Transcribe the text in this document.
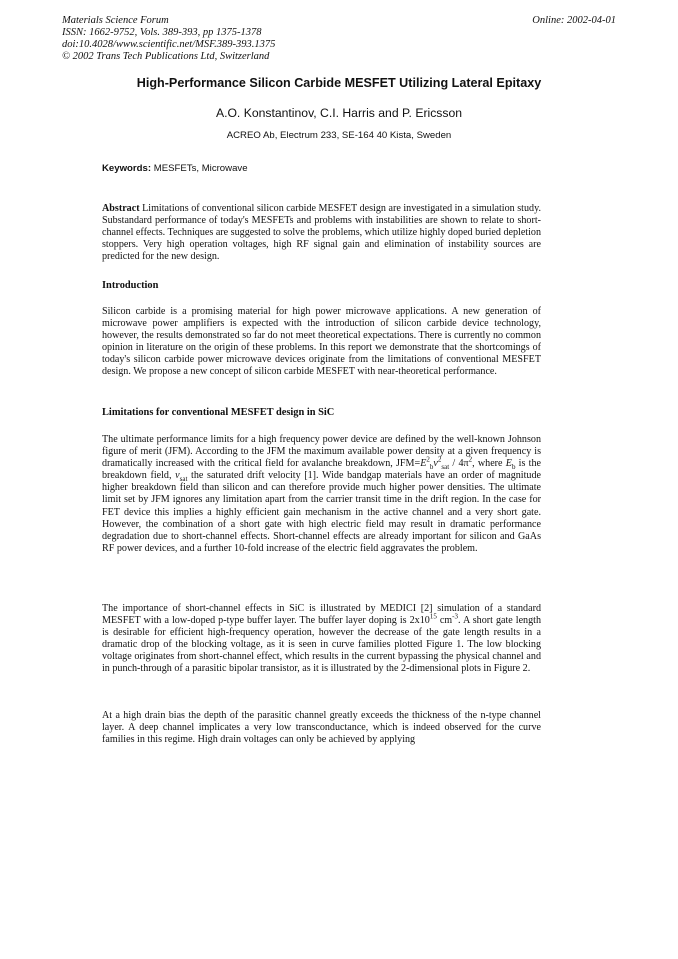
Materials Science Forum
ISSN: 1662-9752, Vols. 389-393, pp 1375-1378
doi:10.4028/www.scientific.net/MSF.389-393.1375
© 2002 Trans Tech Publications Ltd, Switzerland
Online: 2002-04-01
High-Performance Silicon Carbide MESFET Utilizing Lateral Epitaxy
A.O. Konstantinov, C.I. Harris and P. Ericsson
ACREO Ab, Electrum 233, SE-164 40 Kista, Sweden
Keywords: MESFETs, Microwave

Abstract Limitations of conventional silicon carbide MESFET design are investigated in a simulation study. Substandard performance of today's MESFETs and problems with instabilities are shown to relate to short-channel effects. Techniques are suggested to solve the problems, which utilize highly doped buried depletion stoppers. Very high operation voltages, high RF signal gain and elimination of instability sources are predicted for the new design.

Introduction

Silicon carbide is a promising material for high power microwave applications. A new generation of microwave power amplifiers is expected with the introduction of silicon carbide device technology, however, the results demonstrated so far do not meet theoretical expectations. There is currently no common opinion in literature on the origin of these problems. In this report we demonstrate that the shortcomings of today's silicon carbide power microwave devices originate from the limitations of conventional MESFET design. We propose a new concept of silicon carbide MESFET with near-theoretical performance.

Limitations for conventional MESFET design in SiC

The ultimate performance limits for a high frequency power device are defined by the well-known Johnson figure of merit (JFM). According to the JFM the maximum available power density at a given frequency is dramatically increased with the critical field for avalanche breakdown, $JFM=E^2_bv^2_{sat} / 4\pi^2$, where $E_b$ is the breakdown field, $v_{sat}$ the saturated drift velocity [1]. Wide bandgap materials have an order of magnitude higher breakdown field than silicon and can therefore provide much higher power densities. The ultimate limit set by JFM ignores any limitation apart from the carrier transit time in the drift region. In the case for FET device this implies a highly efficient gain mechanism in the active channel and a very short gate. However, the combination of a short gate with high electric field may result in dramatic performance degradation due to short-channel effects. Short-channel effects are already important for silicon and GaAs RF power devices, and a further 10-fold increase of the electric field aggravates the problem.

The importance of short-channel effects in SiC is illustrated by MEDICI [2] simulation of a standard MESFET with a low-doped p-type buffer layer. The buffer layer doping is $2x10^{15}$ $cm^{-3}$. A short gate length is desirable for efficient high-frequency operation, however the decrease of the gate length results in a dramatic drop of the blocking voltage, as it is seen in curve families plotted Figure 1. The low blocking voltage originates from short-channel effect, which results in the current bypassing the physical channel and in punch-through of a parasitic bipolar transistor, as it is illustrated by the 2-dimensional plots in Figure 2.

At a high drain bias the depth of the parasitic channel greatly exceeds the thickness of the n-type channel layer. A deep channel implicates a very low transconductance, which is indeed observed for the curve families in this regime. High drain voltages can only be achieved by applying
